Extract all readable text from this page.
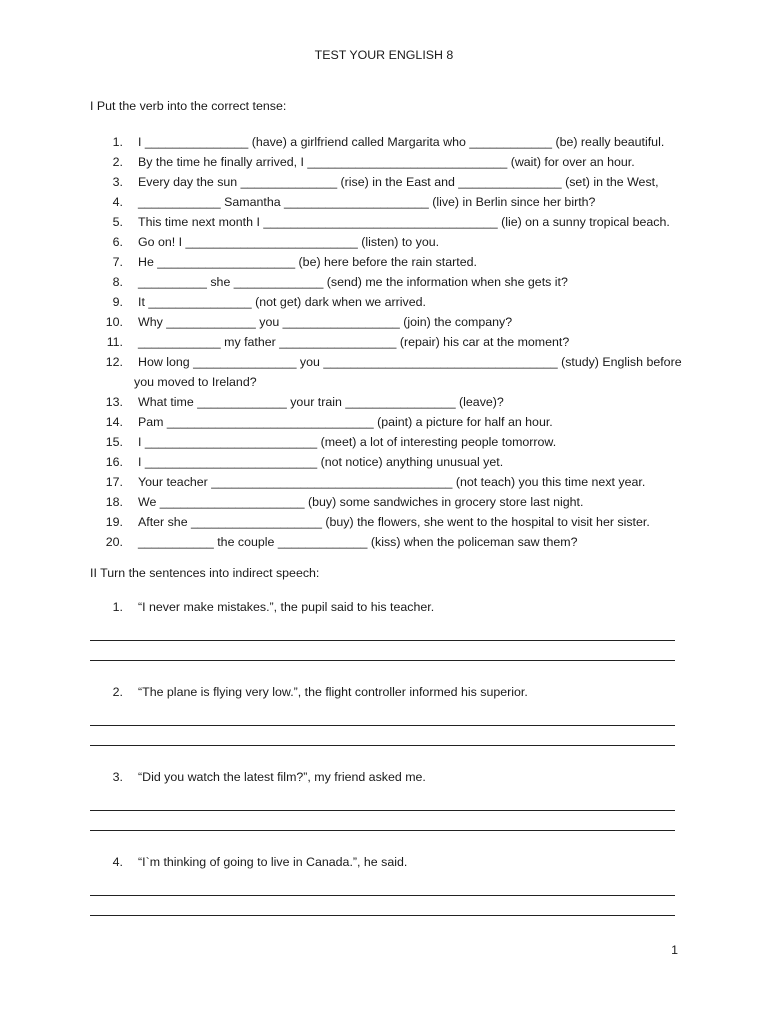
TEST YOUR ENGLISH 8
I Put the verb into the correct tense:
1. I _______________ (have) a girlfriend called Margarita who ____________ (be) really beautiful.
2. By the time he finally arrived, I _____________________________ (wait) for over an hour.
3. Every day the sun ______________ (rise) in the East and _______________ (set) in the West,
4. ____________ Samantha _____________________ (live) in Berlin since her birth?
5. This time next month I __________________________________ (lie) on a sunny tropical beach.
6. Go on! I _________________________ (listen) to you.
7. He ____________________ (be) here before the rain started.
8. __________ she _____________ (send) me the information when she gets it?
9. It _______________ (not get) dark when we arrived.
10. Why _____________ you _________________ (join) the company?
11. ____________ my father _________________ (repair) his car at the moment?
12.	How long _______________ you __________________________________ (study) English before you moved to Ireland?
13. What time _____________ your train ________________ (leave)?
14. Pam ______________________________ (paint) a picture for half an hour.
15. I _________________________ (meet) a lot of interesting people tomorrow.
16. I _________________________ (not notice) anything unusual yet.
17. Your teacher ___________________________________ (not teach) you this time next year.
18. We _____________________ (buy) some sandwiches in grocery store last night.
19. After she ___________________ (buy) the flowers, she went to the hospital to visit her sister.
20. ___________ the couple _____________ (kiss) when the policeman saw them?
II Turn the sentences into indirect speech:
1. “I never make mistakes.”, the pupil said to his teacher.
2. “The plane is flying very low.”, the flight controller informed his superior.
3. “Did you watch the latest film?”, my friend asked me.
4. “I`m thinking of going to live in Canada.”, he said.
1
